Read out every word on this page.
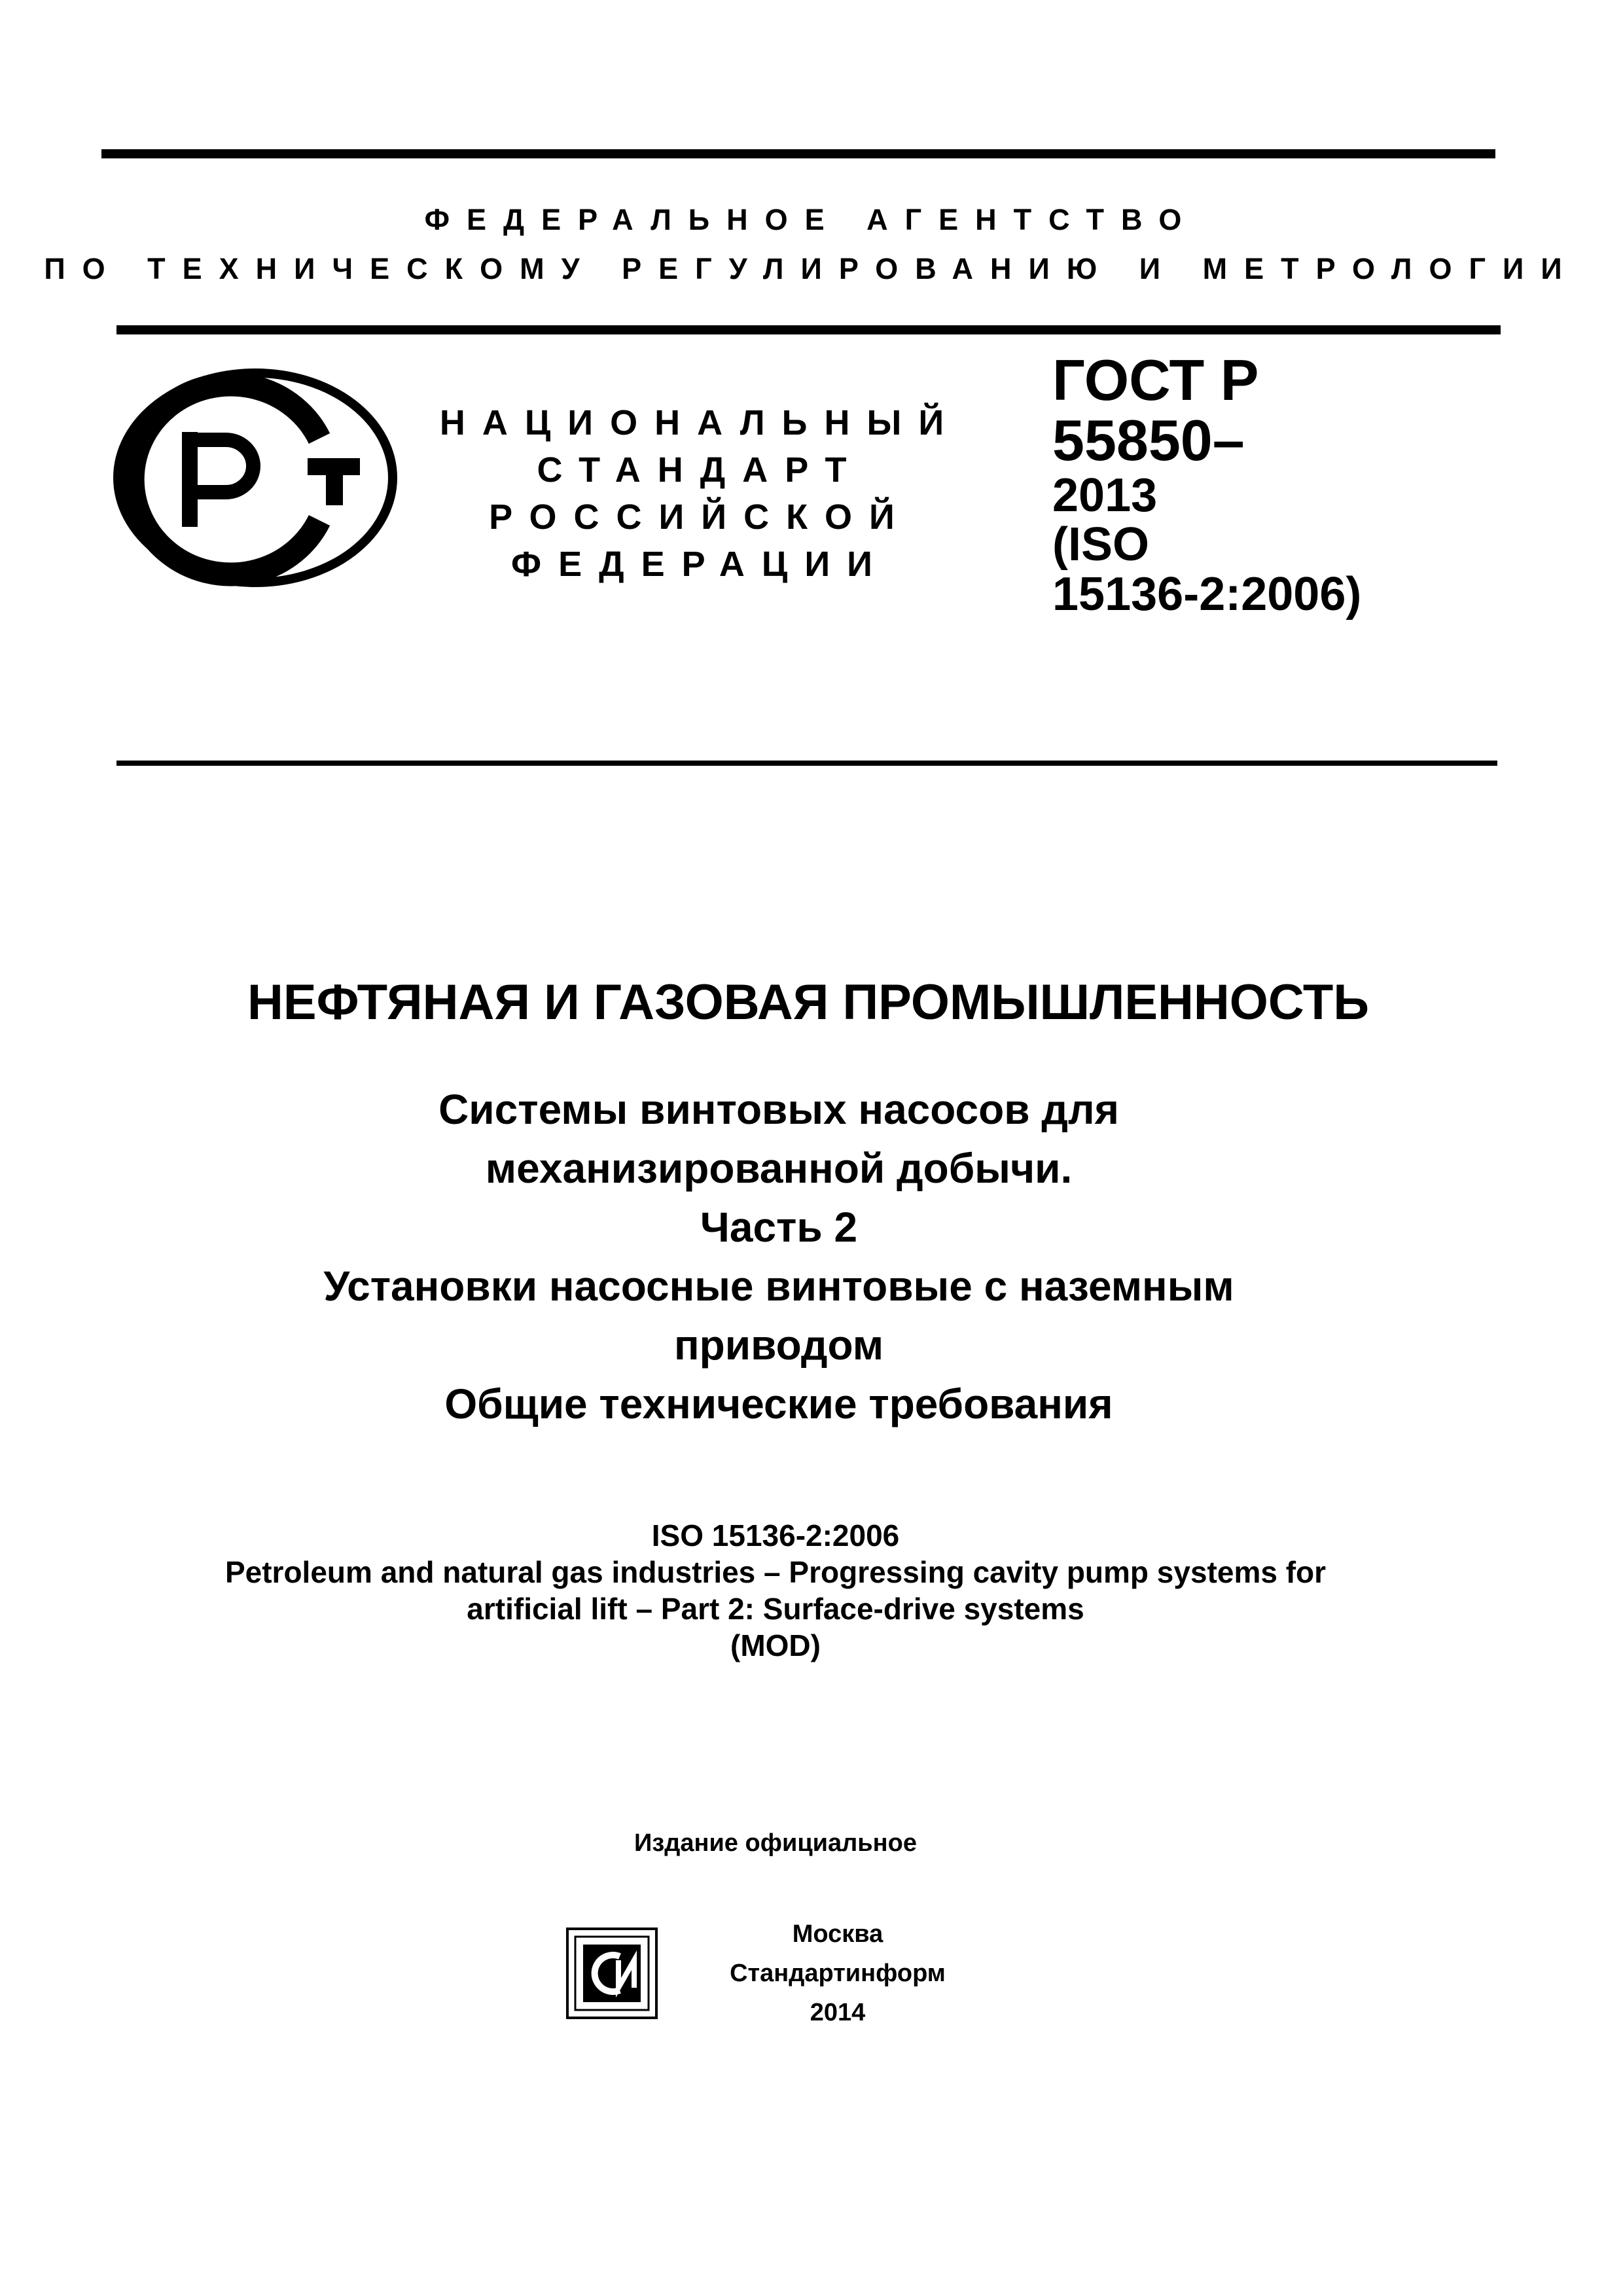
ФЕДЕРАЛЬНОЕ АГЕНТСТВО
ПО ТЕХНИЧЕСКОМУ РЕГУЛИРОВАНИЮ И МЕТРОЛОГИИ
НАЦИОНАЛЬНЫЙ
СТАНДАРТ
РОССИЙСКОЙ
ФЕДЕРАЦИИ
ГОСТ Р
55850–
2013
(ISO
15136-2:2006)
НЕФТЯНАЯ И ГАЗОВАЯ ПРОМЫШЛЕННОСТЬ
Системы винтовых насосов для
механизированной добычи.
Часть 2
Установки насосные винтовые с наземным
приводом
Общие технические требования
ISO 15136-2:2006
Petroleum and natural gas industries – Progressing cavity pump systems for
artificial lift – Part 2: Surface-drive systems
(MOD)
Издание официальное
Москва
Стандартинформ
2014
